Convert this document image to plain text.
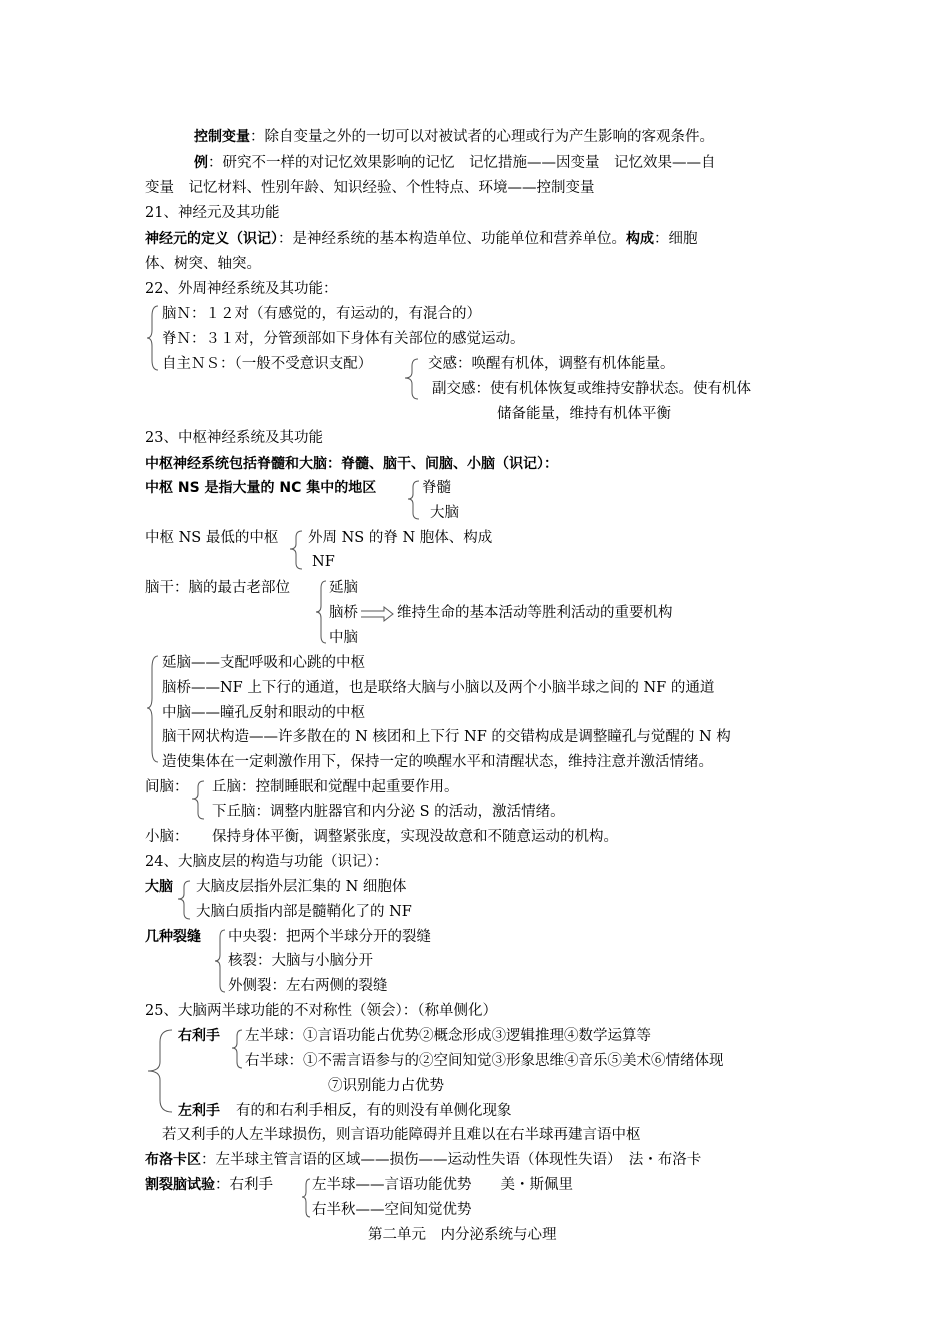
控制变量：除自变量之外的一切可以对被试者的心理或行为产生影响的客观条件。
例：研究不一样的对记忆效果影响的记忆　记忆措施——因变量　记忆效果——自
变量　记忆材料、性别年龄、知识经验、个性特点、环境——控制变量
21、神经元及其功能
神经元的定义（识记）：是神经系统的基本构造单位、功能单位和营养单位。构成：细胞
体、树突、轴突。
22、外周神经系统及其功能：
脑Ｎ：１２对（有感觉的，有运动的，有混合的）
脊Ｎ：３１对，分管颈部如下身体有关部位的感觉运动。
自主ＮＳ：（一般不受意识支配）	交感：唤醒有机体，调整有机体能量。
副交感：使有机体恢复或维持安静状态。使有机体
储备能量，维持有机体平衡
23、中枢神经系统及其功能
中枢神经系统包括脊髓和大脑：脊髓、脑干、间脑、小脑（识记）：
中枢 NS 是指大量的 NC 集中的地区	脊髓
大脑
中枢 NS 最低的中枢 外周 NS 的脊 N 胞体、构成
NF
脑干：脑的最古老部位	延脑
脑桥	维持生命的基本活动等胜利活动的重要机构
中脑
延脑——支配呼吸和心跳的中枢
脑桥——NF 上下行的通道，也是联络大脑与小脑以及两个小脑半球之间的 NF 的通道
中脑——瞳孔反射和眼动的中枢
脑干网状构造——许多散在的 N 核团和上下行 NF 的交错构成是调整瞳孔与觉醒的 N 构
造使集体在一定刺激作用下，保持一定的唤醒水平和清醒状态，维持注意并激活情绪。
间脑： 丘脑：控制睡眠和觉醒中起重要作用。
下丘脑：调整内脏器官和内分泌 S 的活动，激活情绪。
小脑： 保持身体平衡，调整紧张度，实现没故意和不随意运动的机构。
24、大脑皮层的构造与功能（识记）：
大脑 大脑皮层指外层汇集的 N 细胞体
大脑白质指内部是髓鞘化了的 NF
几种裂缝 中央裂：把两个半球分开的裂缝
核裂：大脑与小脑分开
外侧裂：左右两侧的裂缝
25、大脑两半球功能的不对称性（领会）：（称单侧化）
右利手 左半球：①言语功能占优势②概念形成③逻辑推理④数学运算等
右半球：①不需言语参与的②空间知觉③形象思维④音乐⑤美术⑥情绪体现
⑦识别能力占优势
左利手 有的和右利手相反，有的则没有单侧化现象
若又利手的人左半球损伤，则言语功能障碍并且难以在右半球再建言语中枢
布洛卡区：左半球主管言语的区域——损伤——运动性失语（体现性失语）　法・布洛卡
割裂脑试验：右利手	左半球——言语功能优势　　美・斯佩里
右半秋——空间知觉优势
第二单元　内分泌系统与心理
